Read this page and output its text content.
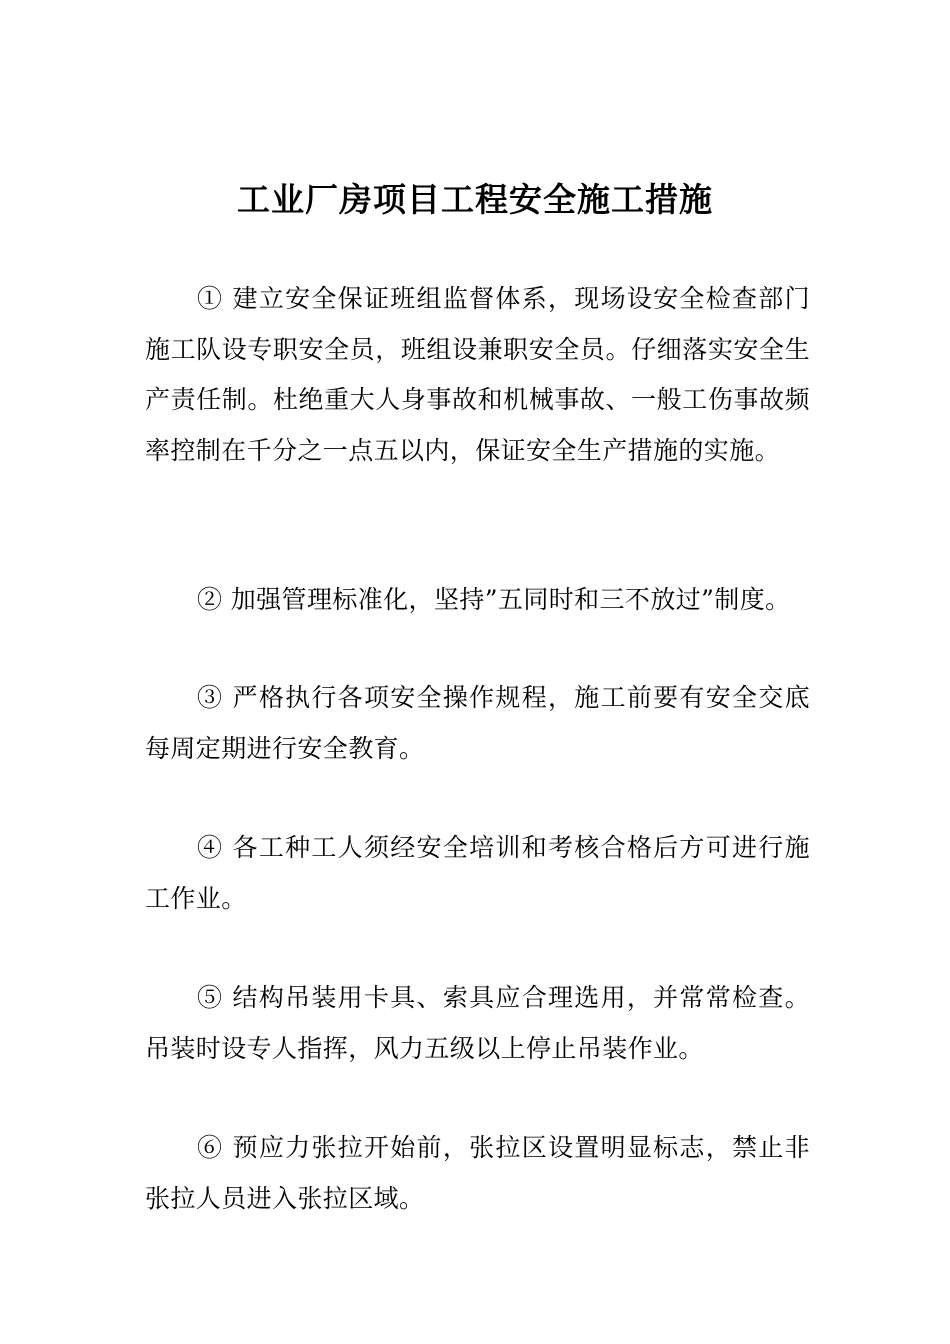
工业厂房项目工程安全施工措施

① 建立安全保证班组监督体系，现场设安全检查部门施工队设专职安全员，班组设兼职安全员。仔细落实安全生产责任制。杜绝重大人身事故和机械事故、一般工伤事故频率控制在千分之一点五以内，保证安全生产措施的实施。

② 加强管理标准化，坚持”五同时和三不放过”制度。

③ 严格执行各项安全操作规程，施工前要有安全交底每周定期进行安全教育。

④ 各工种工人须经安全培训和考核合格后方可进行施工作业。

⑤ 结构吊装用卡具、索具应合理选用，并常常检查。吊装时设专人指挥，风力五级以上停止吊装作业。

⑥ 预应力张拉开始前，张拉区设置明显标志，禁止非张拉人员进入张拉区域。
